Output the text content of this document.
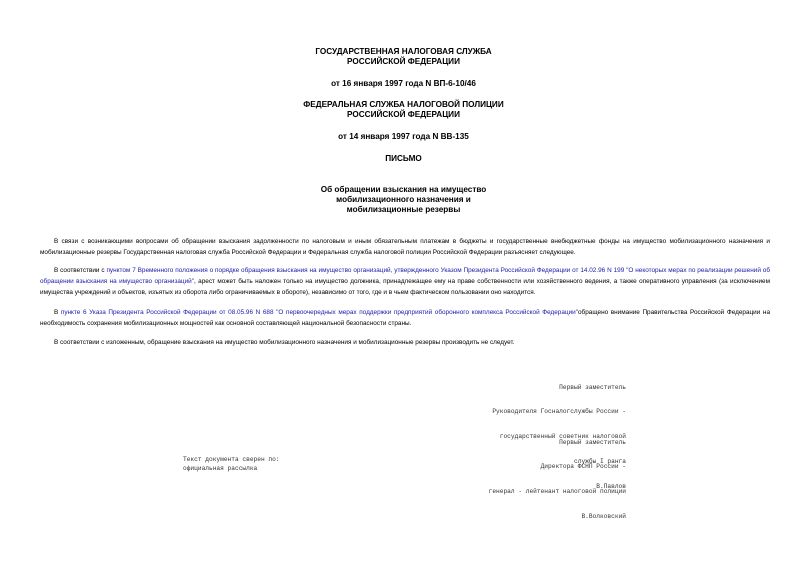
ГОСУДАРСТВЕННАЯ НАЛОГОВАЯ СЛУЖБА
РОССИЙСКОЙ ФЕДЕРАЦИИ
от 16 января 1997 года N ВП-6-10/46
ФЕДЕРАЛЬНАЯ СЛУЖБА НАЛОГОВОЙ ПОЛИЦИИ
РОССИЙСКОЙ ФЕДЕРАЦИИ
от 14 января 1997 года N ВВ-135
ПИСЬМО
Об обращении взыскания на имущество
мобилизационного назначения и
мобилизационные резервы

В связи с возникающими вопросами об обращении взыскания задолженности по налоговым и иным обязательным платежам в бюджеты и государственные внебюджетные фонды на имущество мобилизационного назначения и мобилизационные резервы Государственная налоговая служба Российской Федерации и Федеральная служба налоговой полиции Российской Федерации разъясняет следующее.

В соответствии с пунктом 7 Временного положения о порядке обращения взыскания на имущество организаций, утвержденного Указом Президента Российской Федерации от 14.02.96 N 199 "О некоторых мерах по реализации решений об обращении взыскания на имущество организаций", арест может быть наложен только на имущество должника, принадлежащее ему на праве собственности или хозяйственного ведения, а также оперативного управления (за исключением имущества учреждений и объектов, изъятых из оборота либо ограничиваемых в обороте), независимо от того, где и в чьем фактическом пользовании оно находится.

В пункте 6 Указа Президента Российской Федерации от 08.05.96 N 688 "О первоочередных мерах поддержки предприятий оборонного комплекса Российской Федерации"обращено внимание Правительства Российской Федерации на необходимость сохранения мобилизационных мощностей как основной составляющей национальной безопасности страны.

В соответствии с изложенным, обращение взыскания на имущество мобилизационного назначения и мобилизационные резервы производить не следует.

Первый заместитель

Руководителя Госналогслужбы России -

государственный советник налоговой

службы I ранга

В.Павлов

Первый заместитель

Директора ФСНП России -

генерал - лейтенант налоговой полиции

В.Волковский

Текст документа сверен по:
официальная рассылка
